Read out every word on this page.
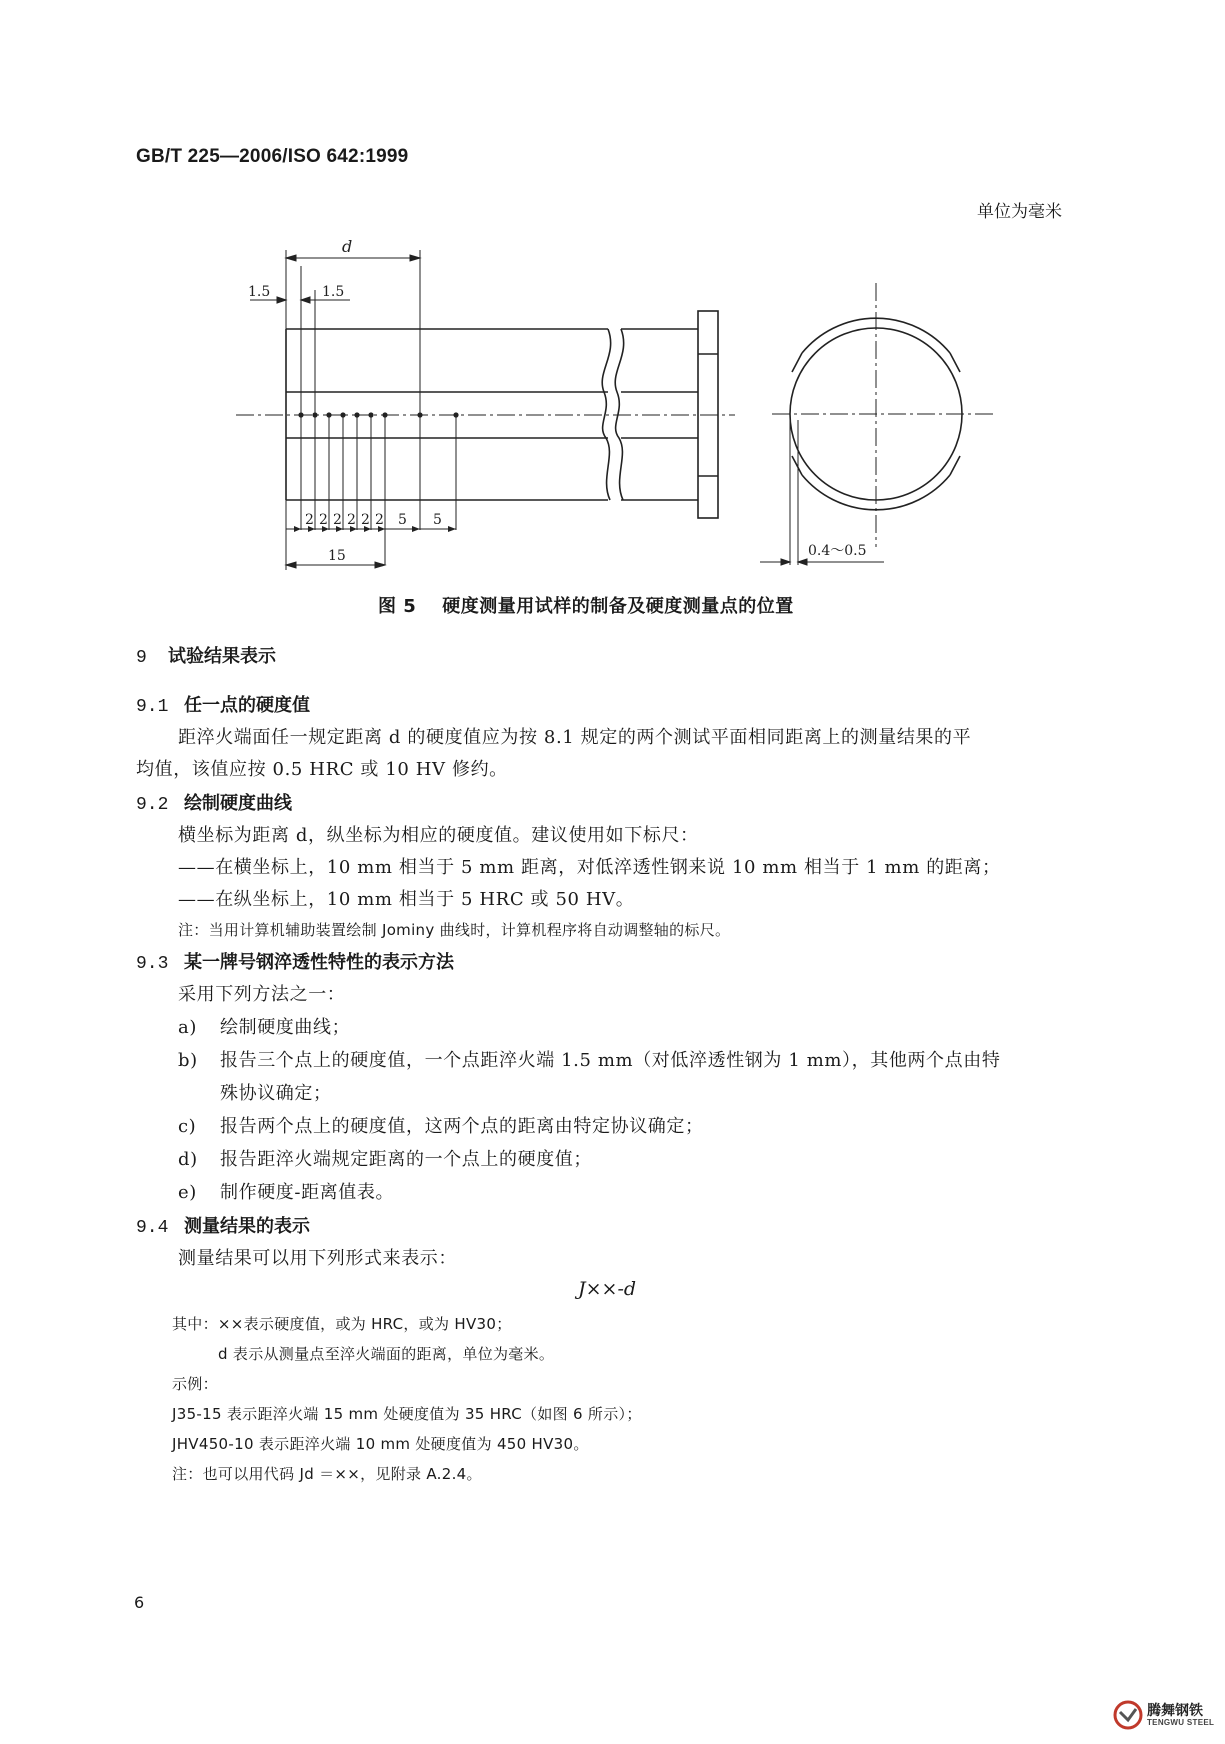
GB/T 225—2006/ISO 642:1999
单位为毫米
d
1.5	1.5
2 2 2 2 2 2 5 5
15	0.4～0.5
图 5 硬度测量用试样的制备及硬度测量点的位置
9 试验结果表示
9.1 任一点的硬度值
距淬火端面任一规定距离 d 的硬度值应为按 8.1 规定的两个测试平面相同距离上的测量结果的平
均值，该值应按 0.5 HRC 或 10 HV 修约。
9.2 绘制硬度曲线
横坐标为距离 d，纵坐标为相应的硬度值。建议使用如下标尺：
——在横坐标上，10 mm 相当于 5 mm 距离，对低淬透性钢来说 10 mm 相当于 1 mm 的距离；
——在纵坐标上，10 mm 相当于 5 HRC 或 50 HV。
注：当用计算机辅助装置绘制 Jominy 曲线时，计算机程序将自动调整轴的标尺。
9.3 某一牌号钢淬透性特性的表示方法
采用下列方法之一：
a) 绘制硬度曲线；
b) 报告三个点上的硬度值，一个点距淬火端 1.5 mm（对低淬透性钢为 1 mm），其他两个点由特
殊协议确定；
c) 报告两个点上的硬度值，这两个点的距离由特定协议确定；
d) 报告距淬火端规定距离的一个点上的硬度值；
e) 制作硬度-距离值表。
9.4 测量结果的表示
测量结果可以用下列形式来表示：
J××-d
其中：××表示硬度值，或为 HRC，或为 HV30；
d 表示从测量点至淬火端面的距离，单位为毫米。
示例：
J35-15 表示距淬火端 15 mm 处硬度值为 35 HRC（如图 6 所示）；
JHV450-10 表示距淬火端 10 mm 处硬度值为 450 HV30。
注：也可以用代码 Jd ＝××，见附录 A.2.4。
6
腾舞钢铁
TENGWU STEEL
